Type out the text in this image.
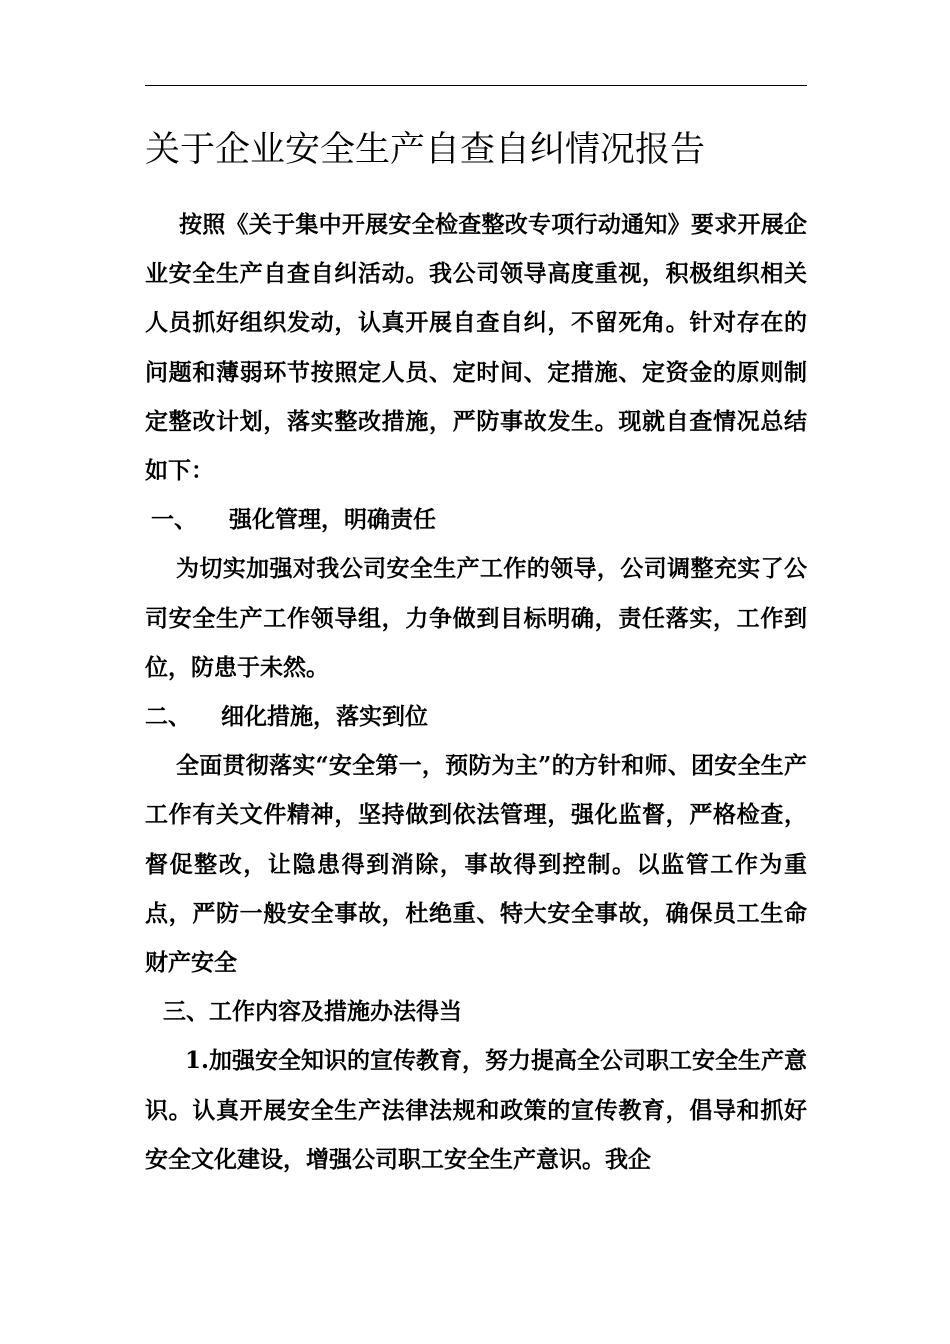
关于企业安全生产自查自纠情况报告

按照《关于集中开展安全检查整改专项行动通知》要求开展企业安全生产自查自纠活动。我公司领导高度重视，积极组织相关人员抓好组织发动，认真开展自查自纠，不留死角。针对存在的问题和薄弱环节按照定人员、定时间、定措施、定资金的原则制定整改计划，落实整改措施，严防事故发生。现就自查情况总结如下：

一、 强化管理，明确责任

为切实加强对我公司安全生产工作的领导，公司调整充实了公司安全生产工作领导组，力争做到目标明确，责任落实，工作到位，防患于未然。

二、 细化措施，落实到位

全面贯彻落实“安全第一，预防为主”的方针和师、团安全生产工作有关文件精神，坚持做到依法管理，强化监督，严格检查，督促整改，让隐患得到消除，事故得到控制。以监管工作为重点，严防一般安全事故，杜绝重、特大安全事故，确保员工生命财产安全

三、工作内容及措施办法得当

1.加强安全知识的宣传教育，努力提高全公司职工安全生产意识。认真开展安全生产法律法规和政策的宣传教育，倡导和抓好安全文化建设，增强公司职工安全生产意识。我企
